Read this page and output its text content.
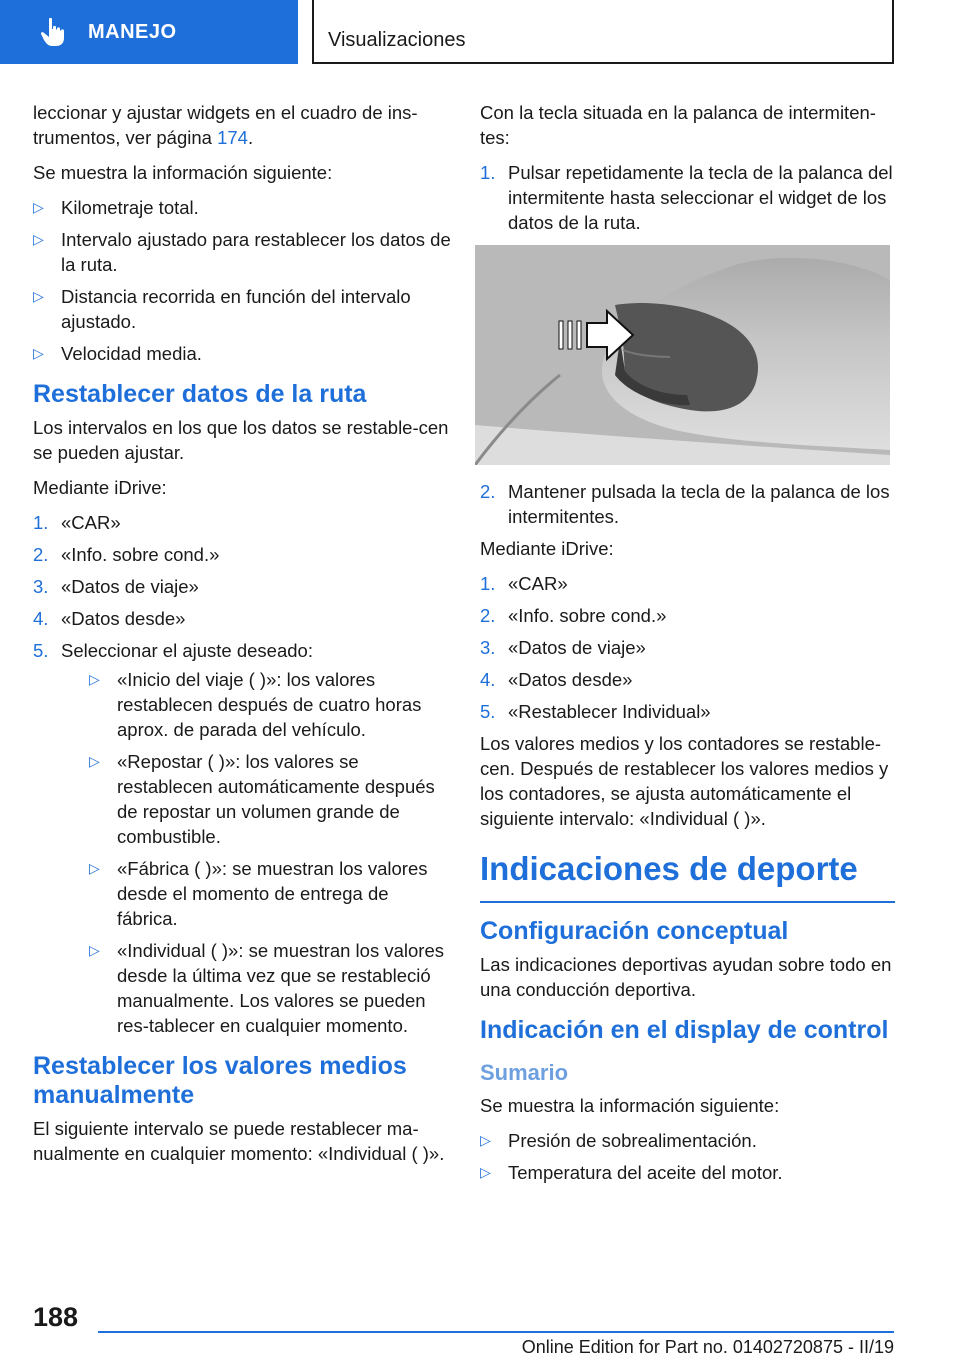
MANEJO	Visualizaciones

leccionar y ajustar widgets en el cuadro de ins-trumentos, ver página 174.

Se muestra la información siguiente:

▷ Kilometraje total.
▷ Intervalo ajustado para restablecer los datos de la ruta.
▷ Distancia recorrida en función del intervalo ajustado.
▷ Velocidad media.
Restablecer datos de la ruta

Los intervalos en los que los datos se restable-cen se pueden ajustar.

Mediante iDrive:

1. «CAR»
2. «Info. sobre cond.»
3. «Datos de viaje»
4. «Datos desde»
5. Seleccionar el ajuste deseado:
▷ «Inicio del viaje ( )»: los valores restablecen después de cuatro horas aprox. de parada del vehículo.
▷ «Repostar ( )»: los valores se restablecen automáticamente después de repostar un volumen grande de combustible.
▷ «Fábrica ( )»: se muestran los valores desde el momento de entrega de fábrica.
▷ «Individual ( )»: se muestran los valores desde la última vez que se restableció manualmente. Los valores se pueden res-tablecer en cualquier momento.
Restablecer los valores medios manualmente

El siguiente intervalo se puede restablecer ma-nualmente en cualquier momento: «Individual ( )».

Con la tecla situada en la palanca de intermiten-tes:

1. Pulsar repetidamente la tecla de la palanca del intermitente hasta seleccionar el widget de los datos de la ruta.
2. Mantener pulsada la tecla de la palanca de los intermitentes.

Mediante iDrive:

1. «CAR»
2. «Info. sobre cond.»
3. «Datos de viaje»
4. «Datos desde»
5. «Restablecer Individual»

Los valores medios y los contadores se restable-cen. Después de restablecer los valores medios y los contadores, se ajusta automáticamente el siguiente intervalo: «Individual ( )».

Indicaciones de deporte
Configuración conceptual

Las indicaciones deportivas ayudan sobre todo en una conducción deportiva.

Indicación en el display de control
Sumario

Se muestra la información siguiente:

▷ Presión de sobrealimentación.
▷ Temperatura del aceite del motor.
188
Online Edition for Part no. 01402720875 - II/19
